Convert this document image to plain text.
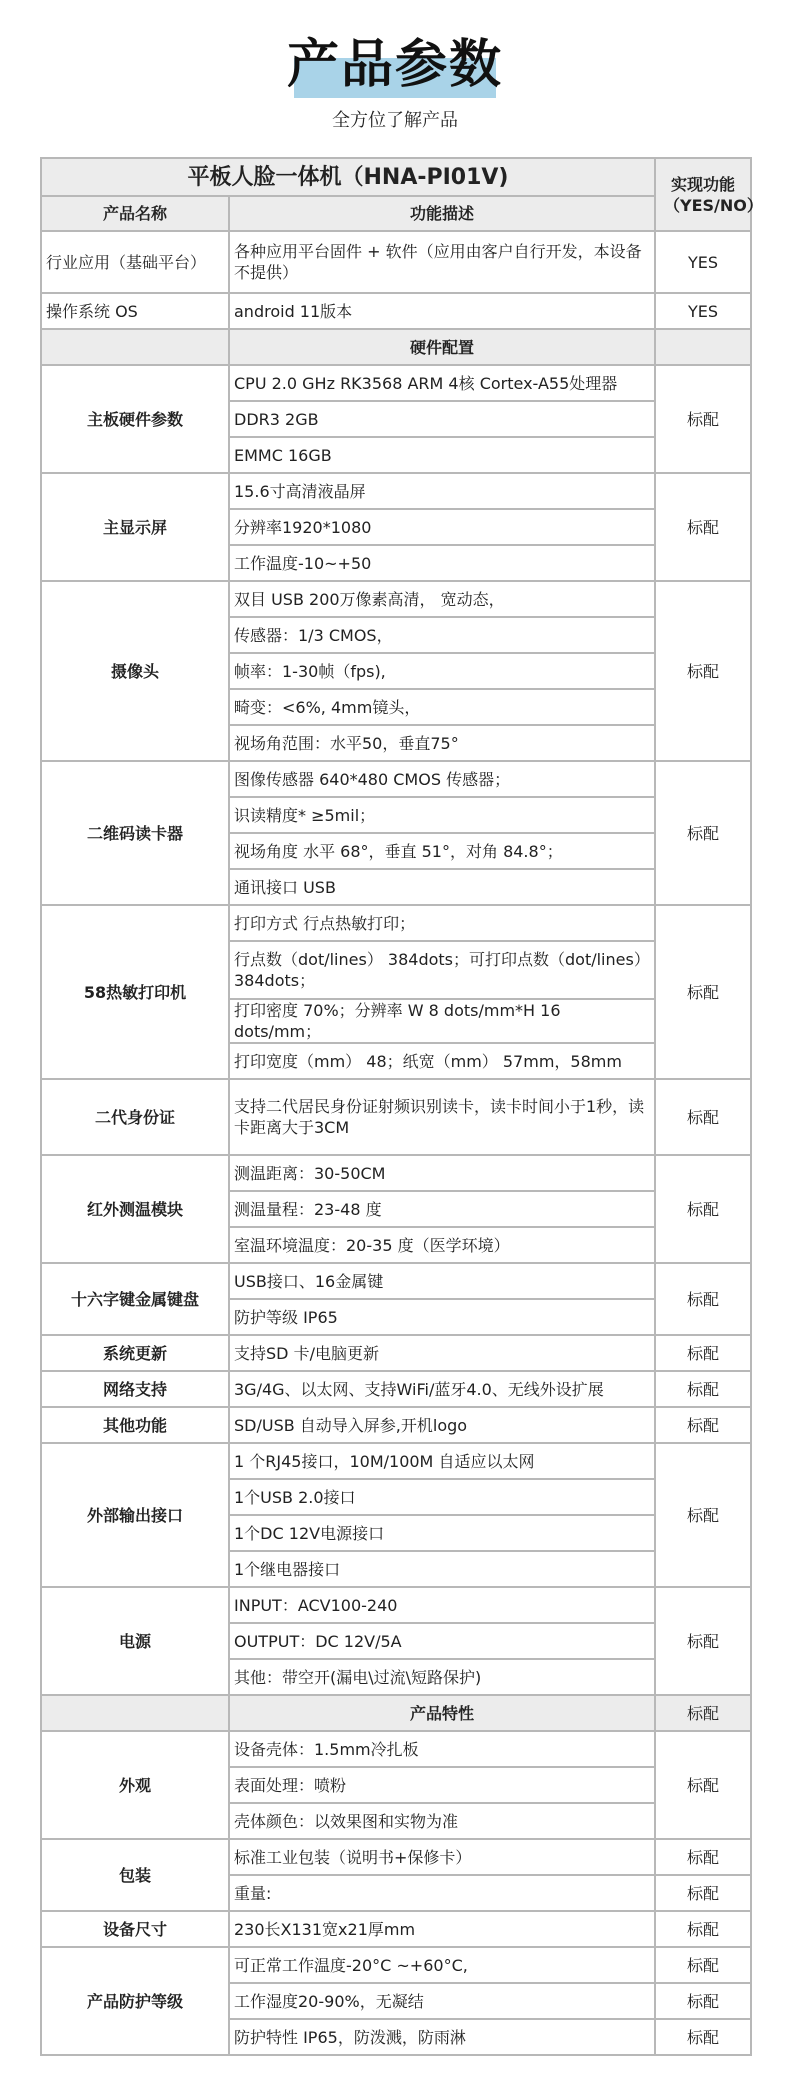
产品参数
全方位了解产品
平板人脸一体机（HNA-PI01V)		实现功能（YES/NO）
产品名称	功能描述	
行业应用（基础平台）	各种应用平台固件 + 软件（应用由客户自行开发，本设备不提供）	YES
操作系统 OS	android 11版本	YES
	硬件配置	
主板硬件参数	CPU 2.0 GHz RK3568 ARM 4核 Cortex-A55处理器	标配
	DDR3 2GB	
	EMMC 16GB	
主显示屏	15.6寸高清液晶屏	标配
	分辨率1920*1080	
	工作温度-10~+50	
摄像头	双目 USB 200万像素高清， 宽动态，	标配
	传感器：1/3 CMOS，	
	帧率：1-30帧（fps),	
	畸变：<6%, 4mm镜头，	
	视场角范围：水平50，垂直75°	
二维码读卡器	图像传感器 640*480 CMOS 传感器；	标配
	识读精度* ≥5mil；	
	视场角度 水平 68°，垂直 51°，对角 84.8°；	
	通讯接口 USB	
58热敏打印机	打印方式 行点热敏打印；	标配
	行点数（dot/lines） 384dots；可打印点数（dot/lines） 384dots；	
	打印密度 70%；分辨率 W 8 dots/mm*H 16 dots/mm；	
	打印宽度（mm） 48；纸宽（mm） 57mm，58mm	
二代身份证	支持二代居民身份证射频识别读卡，读卡时间小于1秒，读卡距离大于3CM	标配
红外测温模块	测温距离：30-50CM	标配
	测温量程：23-48 度	
	室温环境温度：20-35 度（医学环境）	
十六字键金属键盘	USB接口、16金属键	标配
	防护等级 IP65	
系统更新	支持SD 卡/电脑更新	标配
网络支持	3G/4G、以太网、支持WiFi/蓝牙4.0、无线外设扩展	标配
其他功能	SD/USB 自动导入屏参,开机logo	标配
外部输出接口	1 个RJ45接口，10M/100M 自适应以太网	标配
	1个USB 2.0接口	
	1个DC 12V电源接口	
	1个继电器接口	
电源	INPUT：ACV100-240	标配
	OUTPUT：DC 12V/5A	
	其他：带空开(漏电\过流\短路保护)	
	产品特性	标配
外观	设备壳体：1.5mm冷扎板	标配
	表面处理：喷粉	
	壳体颜色：以效果图和实物为准	
包装	标准工业包装（说明书+保修卡）	标配
	重量:	标配
设备尺寸	230长X131宽x21厚mm	标配
产品防护等级	可正常工作温度-20°C ~+60°C,	标配
	工作湿度20-90%，无凝结	标配
	防护特性 IP65，防泼溅，防雨淋	标配
